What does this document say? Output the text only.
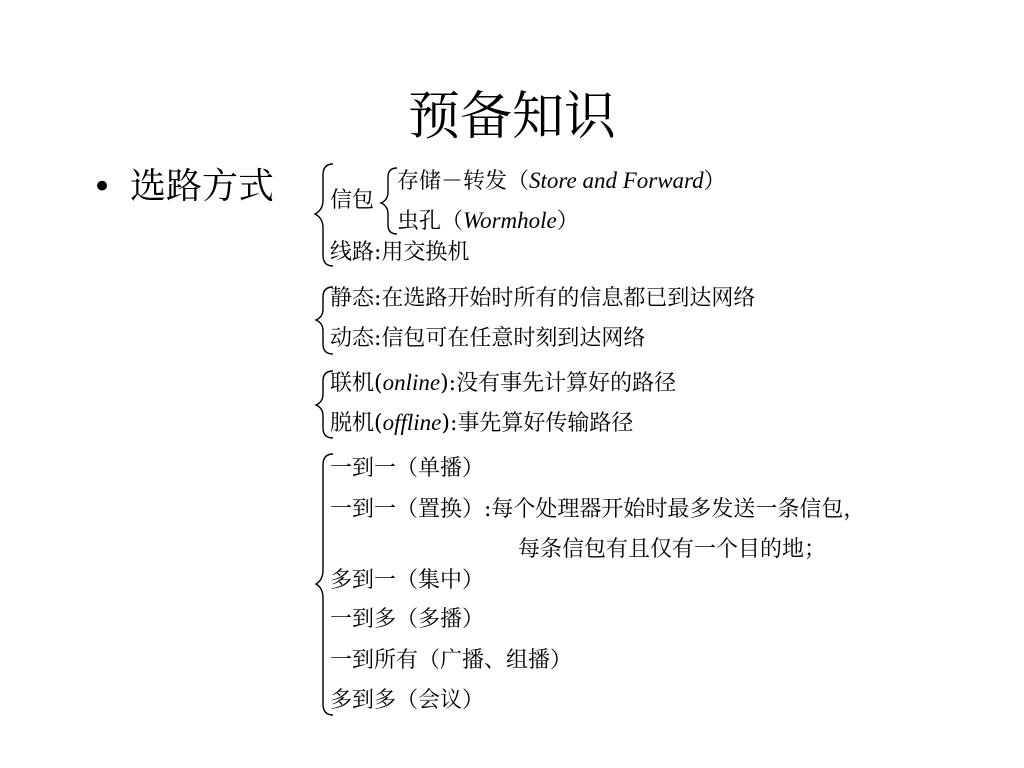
预备知识
• 选路方式	信包
存储－转发（Store and Forward）
虫孔（Wormhole）
线路:用交换机
静态:在选路开始时所有的信息都已到达网络
动态:信包可在任意时刻到达网络
联机(online):没有事先计算好的路径
脱机(offline):事先算好传输路径
一到一（单播）
一到一（置换）:每个处理器开始时最多发送一条信包，
每条信包有且仅有一个目的地；
多到一（集中）
一到多（多播）
一到所有（广播、组播）
多到多（会议）
